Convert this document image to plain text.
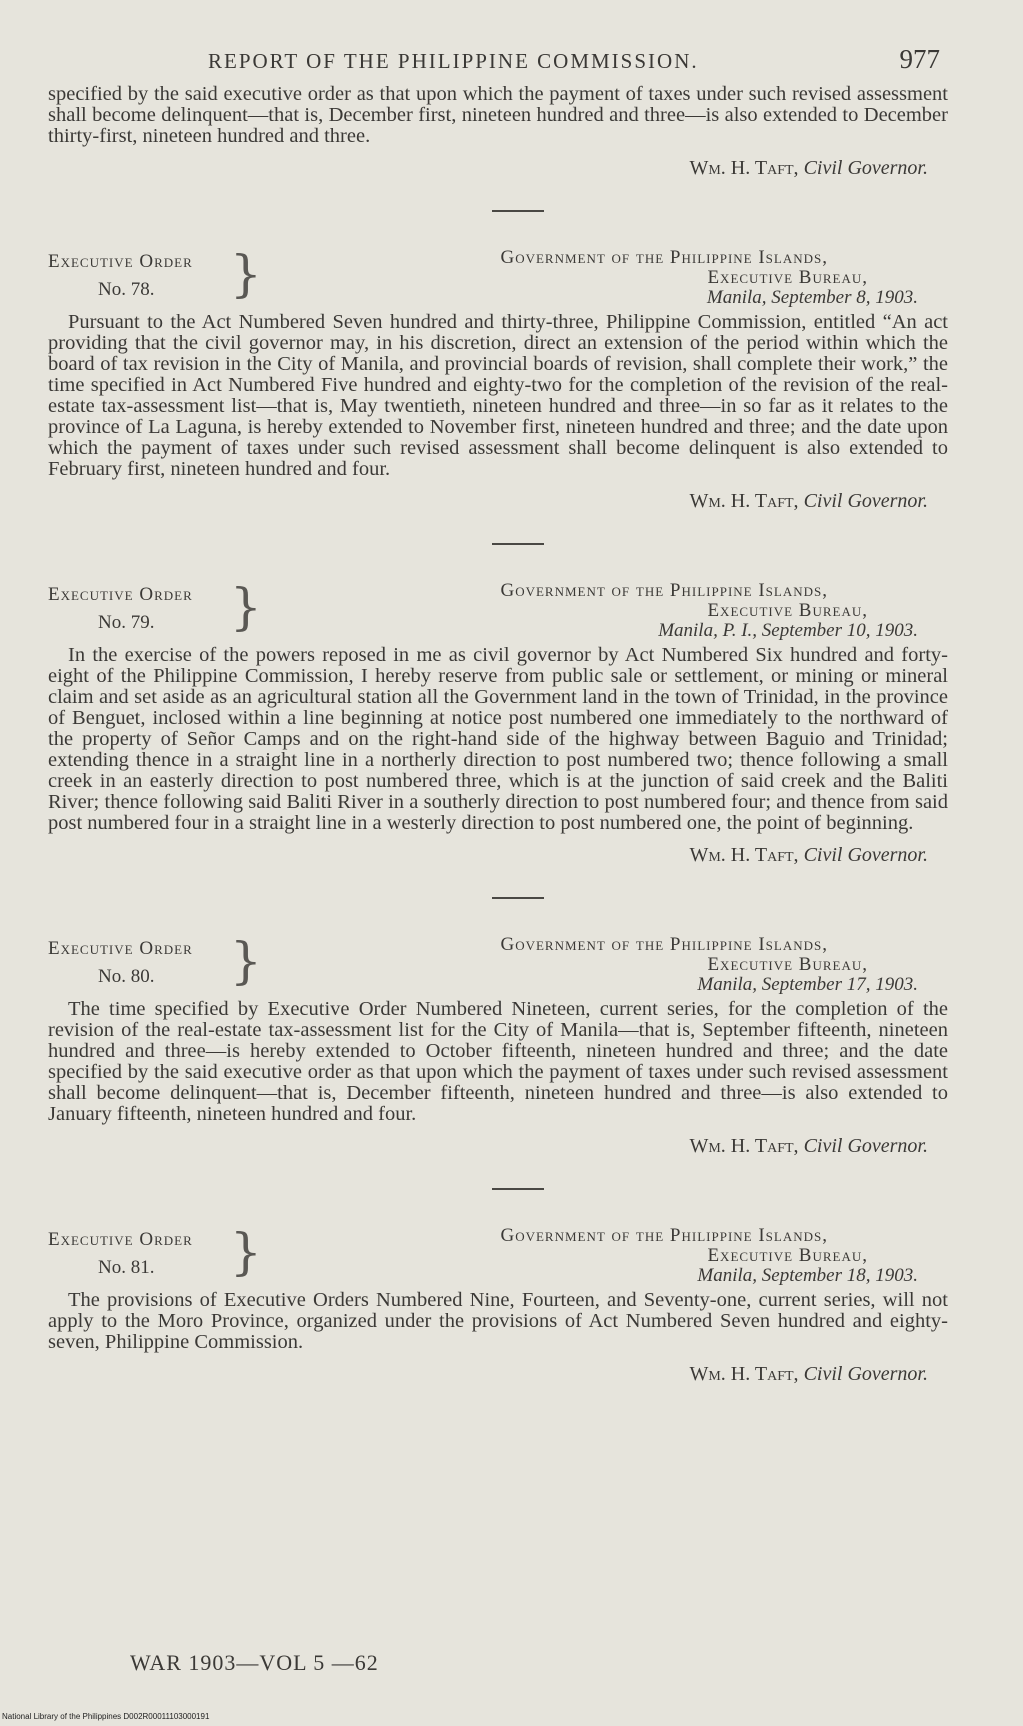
REPORT OF THE PHILIPPINE COMMISSION.	977

specified by the said executive order as that upon which the payment of taxes under such revised assessment shall become delinquent—that is, December first, nineteen hundred and three—is also extended to December thirty-first, nineteen hundred and three.

Wm. H. Taft, Civil Governor.
Executive Order
No. 78.	}	Government of the Philippine Islands,
Executive Bureau,
Manila, September 8, 1903.

Pursuant to the Act Numbered Seven hundred and thirty-three, Philippine Commission, entitled “An act providing that the civil governor may, in his discretion, direct an extension of the period within which the board of tax revision in the City of Manila, and provincial boards of revision, shall complete their work,” the time specified in Act Numbered Five hundred and eighty-two for the completion of the revision of the real-estate tax-assessment list—that is, May twentieth, nineteen hundred and three—in so far as it relates to the province of La Laguna, is hereby extended to November first, nineteen hundred and three; and the date upon which the payment of taxes under such revised assessment shall become delinquent is also extended to February first, nineteen hundred and four.

Wm. H. Taft, Civil Governor.
Executive Order
No. 79.	}	Government of the Philippine Islands,
Executive Bureau,
Manila, P. I., September 10, 1903.

In the exercise of the powers reposed in me as civil governor by Act Numbered Six hundred and forty-eight of the Philippine Commission, I hereby reserve from public sale or settlement, or mining or mineral claim and set aside as an agricultural station all the Government land in the town of Trinidad, in the province of Benguet, inclosed within a line beginning at notice post numbered one immediately to the northward of the property of Señor Camps and on the right-hand side of the highway between Baguio and Trinidad; extending thence in a straight line in a northerly direction to post numbered two; thence following a small creek in an easterly direction to post numbered three, which is at the junction of said creek and the Baliti River; thence following said Baliti River in a southerly direction to post numbered four; and thence from said post numbered four in a straight line in a westerly direction to post numbered one, the point of beginning.

Wm. H. Taft, Civil Governor.
Executive Order
No. 80.	}	Government of the Philippine Islands,
Executive Bureau,
Manila, September 17, 1903.

The time specified by Executive Order Numbered Nineteen, current series, for the completion of the revision of the real-estate tax-assessment list for the City of Manila—that is, September fifteenth, nineteen hundred and three—is hereby extended to October fifteenth, nineteen hundred and three; and the date specified by the said executive order as that upon which the payment of taxes under such revised assessment shall become delinquent—that is, December fifteenth, nineteen hundred and three—is also extended to January fifteenth, nineteen hundred and four.

Wm. H. Taft, Civil Governor.
Executive Order
No. 81.	}	Government of the Philippine Islands,
Executive Bureau,
Manila, September 18, 1903.

The provisions of Executive Orders Numbered Nine, Fourteen, and Seventy-one, current series, will not apply to the Moro Province, organized under the provisions of Act Numbered Seven hundred and eighty-seven, Philippine Commission.

Wm. H. Taft, Civil Governor.
WAR 1903—VOL 5 —62
National Library of the Philippines D002R00011103000191
